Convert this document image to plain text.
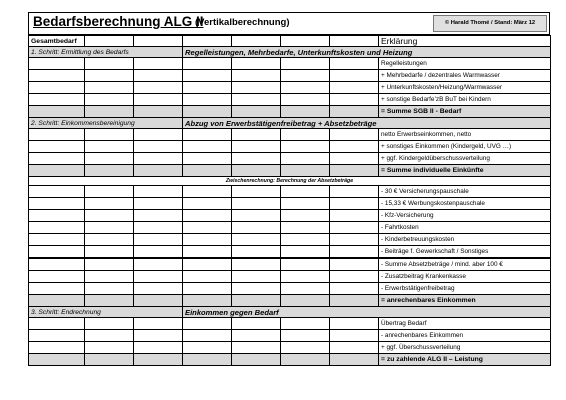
Bedarfsberechnung ALG II
(Vertikalberechnung)	© Harald Thomé / Stand: März 12
Gesamtbedarf							Erklärung
1. Schritt: Ermittlung des Bedarfs			Regelleistungen, Mehrbedarfe, Unterkunftskosten und Heizung				
							Regelleistungen
							+ Mehrbedarfe / dezentrales Warmwasser
							+ Unterkunftskosten/Heizung/Warmwasser
							+ sonstige Bedarfe’zB BuT bei Kindern
							= Summe SGB II - Bedarf
2. Schritt: Einkommensbereinigung			Abzug von Erwerbstätigenfreibetrag + Absetzbeträge				
							netto Erwerbseinkommen, netto
							+ sonstiges Einkommen (Kindergeld, UVG …)
							+ ggf. Kindergeldüberschussverteilung
							= Summe individuelle Einkünfte
Zwischenrechnung: Berechnung der Absetzbeträge							
							- 30 € Versicherungspauschale
							- 15,33 € Werbungskostenpauschale
							- Kfz-Versicherung
							- Fahrtkosten
							- Kinderbetreuungskosten
							- Beiträge f. Gewerkschaft / Sonstiges
							- Summe Absetzbeträge / mind. aber 100 €
							- Zusatzbeitrag Krankenkasse
							- Erwerbstätigenfreibetrag
							= anrechenbares Einkommen
3. Schritt: Endrechnung			Einkommen gegen Bedarf				
							Übertrag Bedarf
							- anrechenbares Einkommen
							+ ggf. Überschussverteilung
							= zu zahlende ALG II – Leistung
